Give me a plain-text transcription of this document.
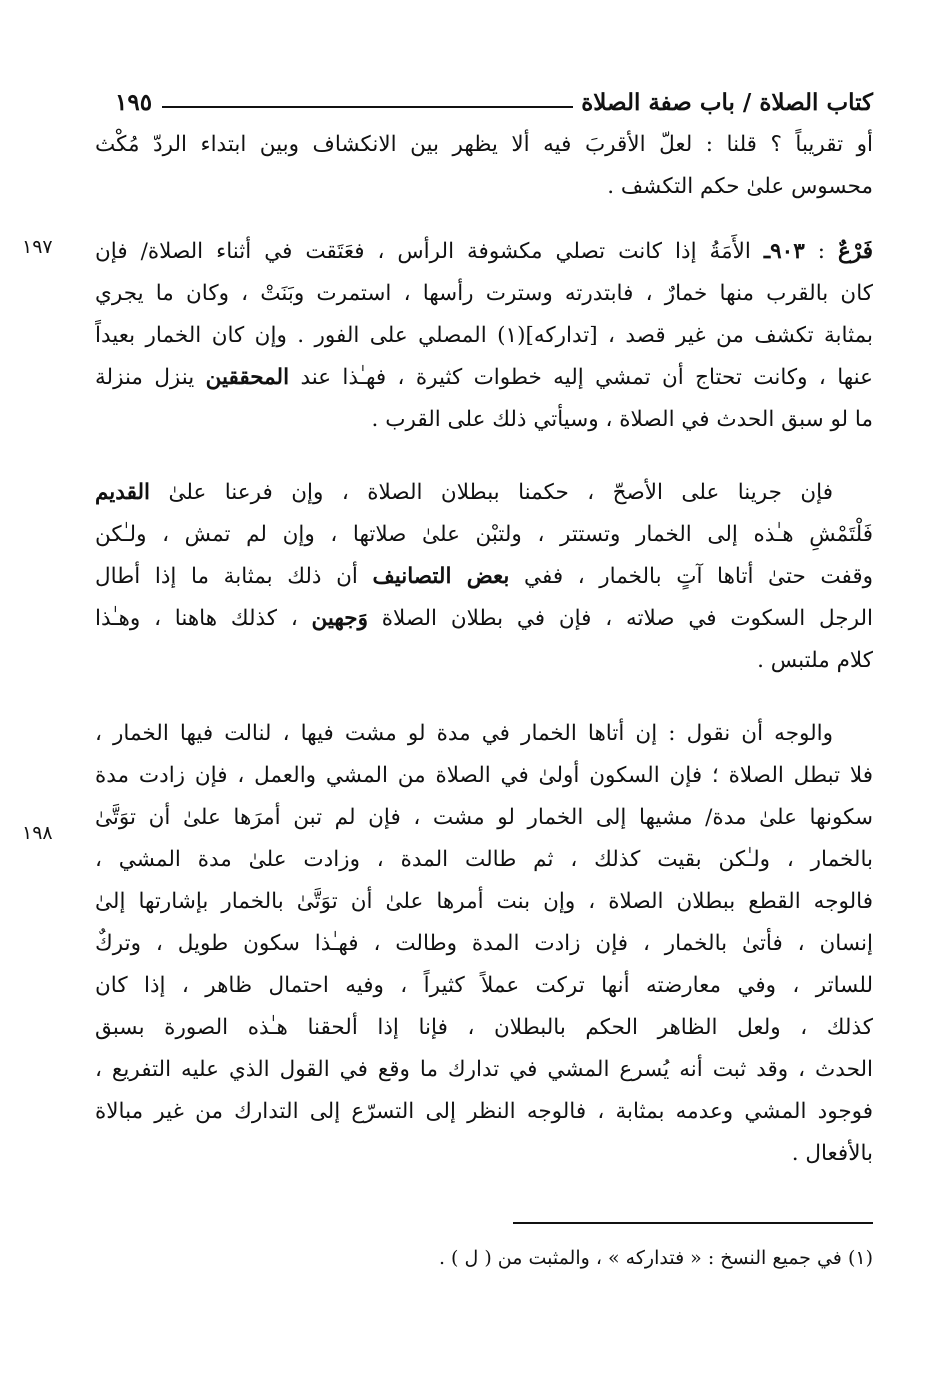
كتاب الصلاة / باب صفة الصلاة
١٩٥
أو تقريباً ؟ قلنا : لعلّ الأقربَ فيه ألا يظهر بين الانكشاف وبين ابتداء الردّ مُكْث
محسوس علىٰ حكم التكشف .
١٩٧	فَرْعٌ : ٩٠٣ـ الأَمَةُ إذا كانت تصلي مكشوفة الرأس ، فعَتَقت في أثناء الصلاة/ فإن
كان بالقرب منها خمارٌ ، فابتدرته وسترت رأسها ، استمرت وبَنَتْ ، وكان ما يجري
بمثابة تكشف من غير قصد ، [تداركه](١) المصلي على الفور . وإن كان الخمار بعيداً
عنها ، وكانت تحتاج أن تمشي إليه خطوات كثيرة ، فهـٰذا عند المحققين ينزل منزلة
ما لو سبق الحدث في الصلاة ، وسيأتي ذلك على القرب .
فإن جرينا على الأصحّ ، حكمنا ببطلان الصلاة ، وإن فرعنا علىٰ القديم
فَلْتَمْشِ هـٰذه إلى الخمار وتستتر ، ولتبْن علىٰ صلاتها ، وإن لم تمش ، ولـٰكن
وقفت حتىٰ أتاها آتٍ بالخمار ، ففي بعض التصانيف أن ذلك بمثابة ما إذا أطال
الرجل السكوت في صلاته ، فإن في بطلان الصلاة وَجهين ، كذلك هاهنا ، وهـٰذا
كلام ملتبس .
١٩٨
والوجه أن نقول : إن أتاها الخمار في مدة لو مشت فيها ، لنالت فيها الخمار ،
فلا تبطل الصلاة ؛ فإن السكون أولىٰ في الصلاة من المشي والعمل ، فإن زادت مدة
سكونها علىٰ مدة/ مشيها إلى الخمار لو مشت ، فإن لم تبن أمرَها علىٰ أن توَتَّىٰ
بالخمار ، ولـٰكن بقيت كذلك ، ثم طالت المدة ، وزادت علىٰ مدة المشي ،
فالوجه القطع ببطلان الصلاة ، وإن بنت أمرها علىٰ أن توَتَّىٰ بالخمار بإشارتها إلىٰ
إنسان ، فأتىٰ بالخمار ، فإن زادت المدة وطالت ، فهـٰذا سكون طويل ، وتركٌ
للساتر ، وفي معارضته أنها تركت عملاً كثيراً ، وفيه احتمال ظاهر ، إذا كان
كذلك ، ولعل الظاهر الحكم بالبطلان ، فإنا إذا ألحقنا هـٰذه الصورة بسبق
الحدث ، وقد ثبت أنه يُسرع المشي في تدارك ما وقع في القول الذي عليه التفريع ،
فوجود المشي وعدمه بمثابة ، فالوجه النظر إلى التسرّع إلى التدارك من غير مبالاة
بالأفعال .
(١) في جميع النسخ : « فتداركه » ، والمثبت من ( ل ) .
